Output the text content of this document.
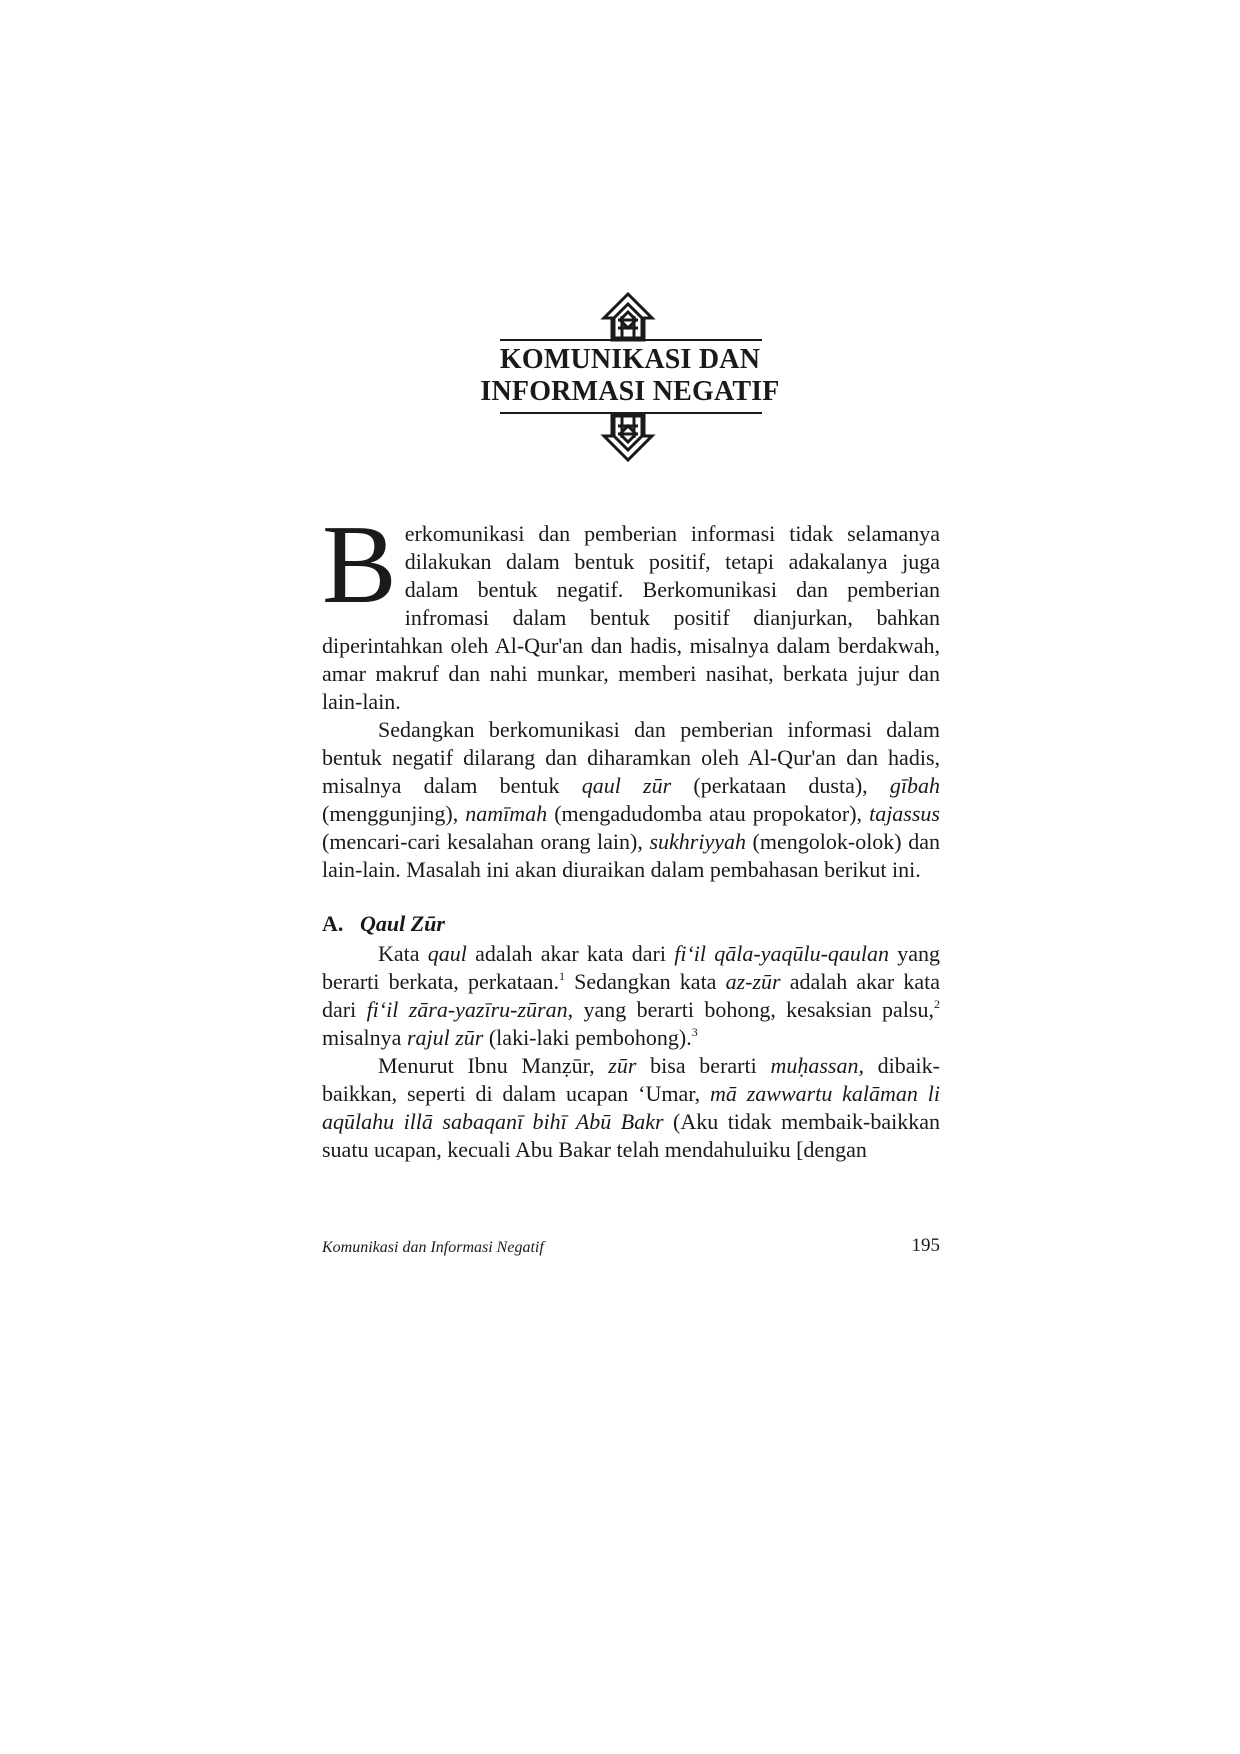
KOMUNIKASI DAN
INFORMASI NEGATIF

Berkomunikasi dan pemberian informasi tidak selamanya dilakukan dalam bentuk positif, tetapi adakalanya juga dalam bentuk negatif. Berkomunikasi dan pemberian infromasi dalam bentuk positif dianjurkan, bahkan diperintahkan oleh Al-Qur'an dan hadis, misalnya dalam berdakwah, amar makruf dan nahi munkar, memberi nasihat, berkata jujur dan lain-lain.

Sedangkan berkomunikasi dan pemberian informasi dalam bentuk negatif dilarang dan diharamkan oleh Al-Qur'an dan hadis, misalnya dalam bentuk qaul zūr (perkataan dusta), gībah (menggunjing), namīmah (mengadudomba atau propokator), tajassus (mencari-cari kesalahan orang lain), sukhriyyah (mengolok-olok) dan lain-lain. Masalah ini akan diuraikan dalam pembahasan berikut ini.

A. Qaul Zūr

Kata qaul adalah akar kata dari fi‘il qāla-yaqūlu-qaulan yang berarti berkata, perkataan.$^1$ Sedangkan kata az-zūr adalah akar kata dari fi‘il zāra-yazīru-zūran, yang berarti bohong, kesaksian palsu,$^2$ misalnya rajul zūr (laki-laki pembohong).$^3$

Menurut Ibnu Manẓūr, zūr bisa berarti muḥassan, dibaik-baikkan, seperti di dalam ucapan ‘Umar, mā zawwartu kalāman li aqūlahu illā sabaqanī bihī Abū Bakr (Aku tidak membaik-baikkan suatu ucapan, kecuali Abu Bakar telah mendahuluiku [dengan

Komunikasi dan Informasi Negatif	195
